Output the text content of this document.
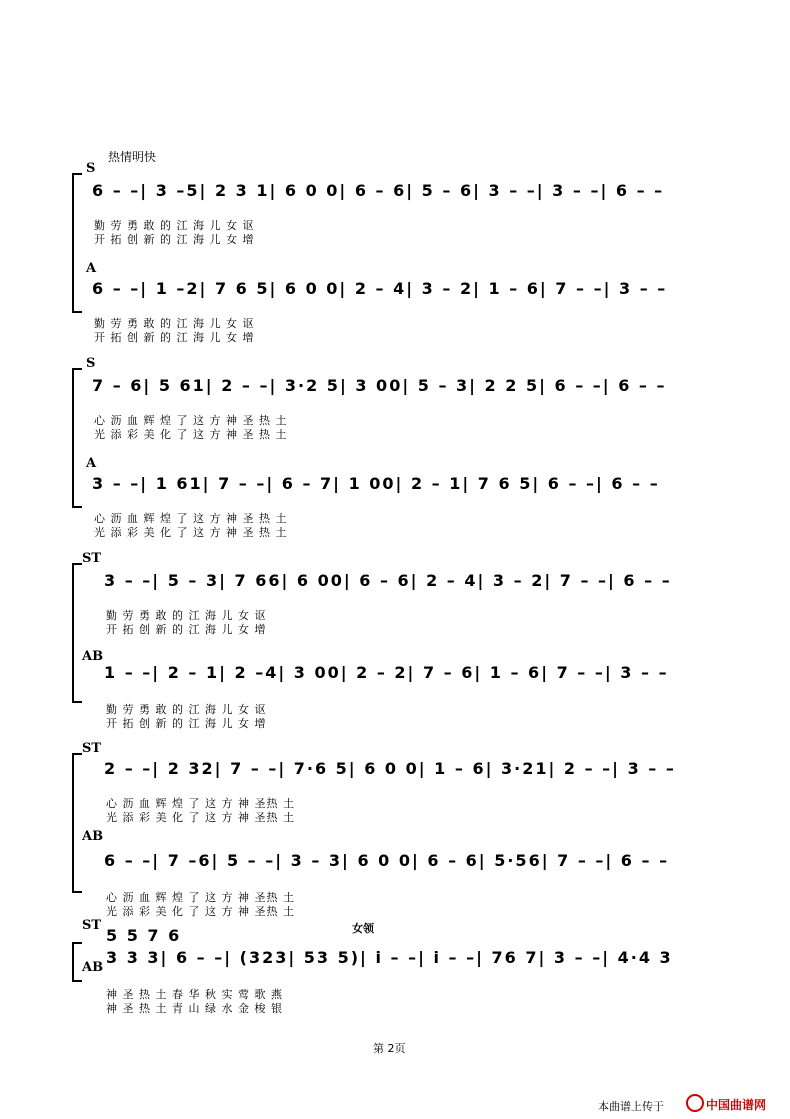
热情明快
S
6 – –| 3 –5| 2 3 1| 6 0 0| 6 – 6| 5 – 6| 3 – –| 3 – –| 6 – –
勤 劳 勇 敢 的 江 海 儿 女 讴
开 拓 创 新 的 江 海 儿 女 增
A
6 – –| 1 –2| 7 6 5| 6 0 0| 2 – 4| 3 – 2| 1 – 6| 7 – –| 3 – –
勤 劳 勇 敢 的 江 海 儿 女 讴
开 拓 创 新 的 江 海 儿 女 增
S
7 – 6| 5 61| 2 – –| 3·2 5| 3 00| 5 – 3| 2 2 5| 6 – –| 6 – –
心 沥 血 辉 煌 了 这 方 神 圣 热 土
光 添 彩 美 化 了 这 方 神 圣 热 土
A
3 – –| 1 61| 7 – –| 6 – 7| 1 00| 2 – 1| 7 6 5| 6 – –| 6 – –
心 沥 血 辉 煌 了 这 方 神 圣 热 土
光 添 彩 美 化 了 这 方 神 圣 热 土
ST
3 – –| 5 – 3| 7 66| 6 00| 6 – 6| 2 – 4| 3 – 2| 7 – –| 6 – –
勤 劳 勇 敢 的 江 海 儿 女 讴
开 拓 创 新 的 江 海 儿 女 增
AB
1 – –| 2 – 1| 2 –4| 3 00| 2 – 2| 7 – 6| 1 – 6| 7 – –| 3 – –
勤 劳 勇 敢 的 江 海 儿 女 讴
开 拓 创 新 的 江 海 儿 女 增
ST
2 – –| 2 32| 7 – –| 7·6 5| 6 0 0| 1 – 6| 3·21| 2 – –| 3 – –
心 沥 血 辉 煌 了 这 方 神 圣热 土
光 添 彩 美 化 了 这 方 神 圣热 土
AB
6 – –| 7 –6| 5 – –| 3 – 3| 6 0 0| 6 – 6| 5·56| 7 – –| 6 – –
心 沥 血 辉 煌 了 这 方 神 圣热 土
光 添 彩 美 化 了 这 方 神 圣热 土
ST
5 5 7 6	女领
AB
3 3 3| 6 – –| (323| 53 5)| i – –| i – –| 76 7| 3 – –| 4·4 3
神 圣 热 土 春 华 秋 实 莺 歌 燕
神 圣 热 土 青 山 绿 水 金 梭 银
第 2页
本曲谱上传于	中国曲谱网
